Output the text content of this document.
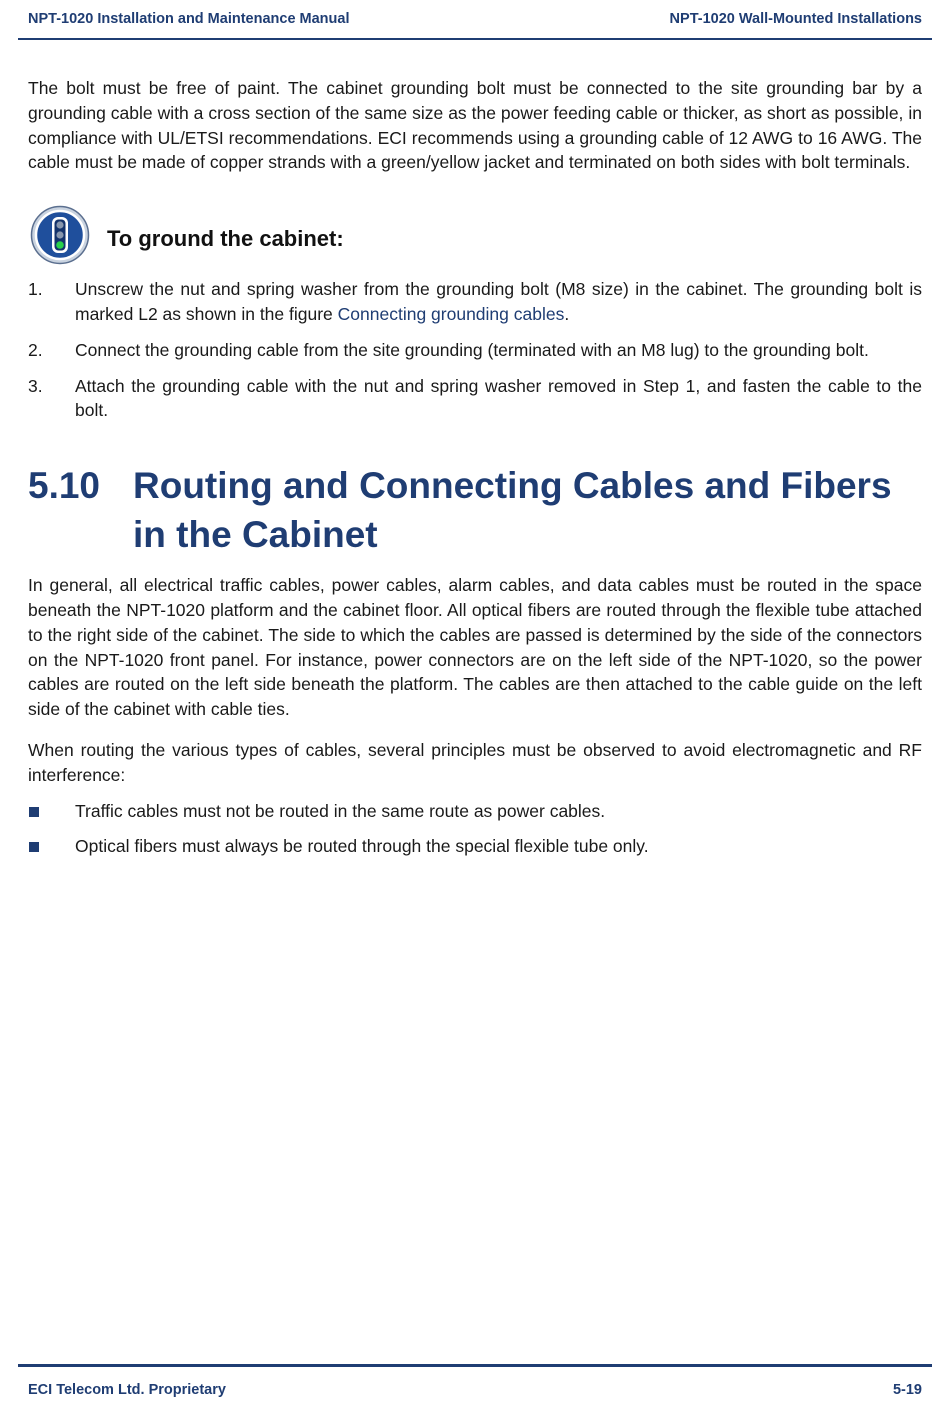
NPT-1020 Installation and Maintenance Manual	NPT-1020 Wall-Mounted Installations

The bolt must be free of paint. The cabinet grounding bolt must be connected to the site grounding bar by a grounding cable with a cross section of the same size as the power feeding cable or thicker, as short as possible, in compliance with UL/ETSI recommendations. ECI recommends using a grounding cable of 12 AWG to 16 AWG. The cable must be made of copper strands with a green/yellow jacket and terminated on both sides with bolt terminals.

To ground the cabinet:
1. Unscrew the nut and spring washer from the grounding bolt (M8 size) in the cabinet. The grounding bolt is marked L2 as shown in the figure Connecting grounding cables.
2. Connect the grounding cable from the site grounding (terminated with an M8 lug) to the grounding bolt.
3. Attach the grounding cable with the nut and spring washer removed in Step 1, and fasten the cable to the bolt.
5.10 Routing and Connecting Cables and Fibers in the Cabinet

In general, all electrical traffic cables, power cables, alarm cables, and data cables must be routed in the space beneath the NPT-1020 platform and the cabinet floor. All optical fibers are routed through the flexible tube attached to the right side of the cabinet. The side to which the cables are passed is determined by the side of the connectors on the NPT-1020 front panel. For instance, power connectors are on the left side of the NPT-1020, so the power cables are routed on the left side beneath the platform. The cables are then attached to the cable guide on the left side of the cabinet with cable ties.

When routing the various types of cables, several principles must be observed to avoid electromagnetic and RF interference:

Traffic cables must not be routed in the same route as power cables.
Optical fibers must always be routed through the special flexible tube only.
ECI Telecom Ltd. Proprietary	5-19
